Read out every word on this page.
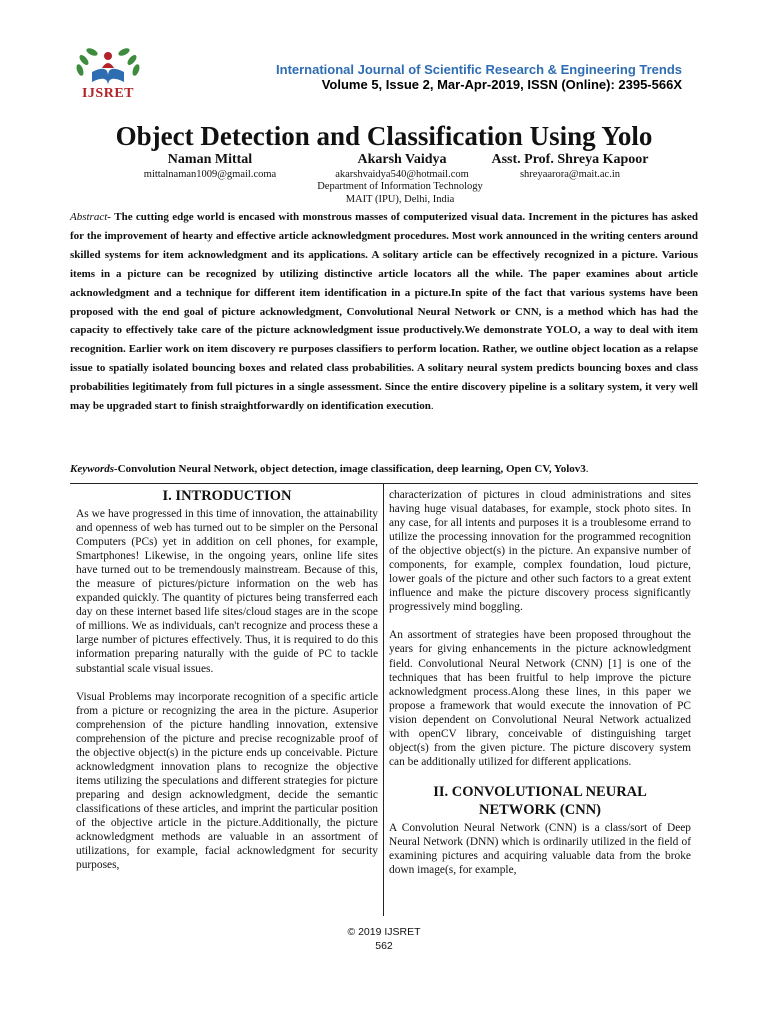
IJSRET
International Journal of Scientific Research & Engineering Trends
Volume 5, Issue 2, Mar-Apr-2019, ISSN (Online): 2395-566X
Object Detection and Classification Using Yolo
Naman Mittal
mittalnaman1009@gmail.coma
Akarsh Vaidya
akarshvaidya540@hotmail.com
Asst. Prof. Shreya Kapoor
shreyaarora@mait.ac.in
Department of Information Technology
MAIT (IPU), Delhi, India
Abstract- The cutting edge world is encased with monstrous masses of computerized visual data. Increment in the pictures has asked for the improvement of hearty and effective article acknowledgment procedures. Most work announced in the writing centers around skilled systems for item acknowledgment and its applications. A solitary article can be effectively recognized in a picture. Various items in a picture can be recognized by utilizing distinctive article locators all the while. The paper examines about article acknowledgment and a technique for different item identification in a picture.In spite of the fact that various systems have been proposed with the end goal of picture acknowledgment, Convolutional Neural Network or CNN, is a method which has had the capacity to effectively take care of the picture acknowledgment issue productively.We demonstrate YOLO, a way to deal with item recognition. Earlier work on item discovery re purposes classifiers to perform location. Rather, we outline object location as a relapse issue to spatially isolated bouncing boxes and related class probabilities. A solitary neural system predicts bouncing boxes and class probabilities legitimately from full pictures in a single assessment. Since the entire discovery pipeline is a solitary system, it very well may be upgraded start to finish straightforwardly on identification execution.
Keywords-Convolution Neural Network, object detection, image classification, deep learning, Open CV, Yolov3.
I. INTRODUCTION

As we have progressed in this time of innovation, the attainability and openness of web has turned out to be simpler on the Personal Computers (PCs) yet in addition on cell phones, for example, Smartphones! Likewise, in the ongoing years, online life sites have turned out to be tremendously mainstream. Because of this, the measure of pictures/picture information on the web has expanded quickly. The quantity of pictures being transferred each day on these internet based life sites/cloud stages are in the scope of millions. We as individuals, can't recognize and process these a large number of pictures effectively. Thus, it is required to do this information preparing naturally with the guide of PC to tackle substantial scale visual issues.

Visual Problems may incorporate recognition of a specific article from a picture or recognizing the area in the picture. Asuperior comprehension of the picture handling innovation, extensive comprehension of the picture and precise recognizable proof of the objective object(s) in the picture ends up conceivable. Picture acknowledgment innovation plans to recognize the objective items utilizing the speculations and different strategies for picture preparing and design acknowledgment, decide the semantic classifications of these articles, and imprint the particular position of the objective article in the picture.Additionally, the picture acknowledgment methods are valuable in an assortment of utilizations, for example, facial acknowledgment for security purposes,

characterization of pictures in cloud administrations and sites having huge visual databases, for example, stock photo sites. In any case, for all intents and purposes it is a troublesome errand to utilize the processing innovation for the programmed recognition of the objective object(s) in the picture. An expansive number of components, for example, complex foundation, loud picture, lower goals of the picture and other such factors to a great extent influence and make the picture discovery process significantly progressively mind boggling.

An assortment of strategies have been proposed throughout the years for giving enhancements in the picture acknowledgment field. Convolutional Neural Network (CNN) [1] is one of the techniques that has been fruitful to help improve the picture acknowledgment process.Along these lines, in this paper we propose a framework that would execute the innovation of PC vision dependent on Convolutional Neural Network actualized with openCV library, conceivable of distinguishing target object(s) from the given picture. The picture discovery system can be additionally utilized for different applications.

II. CONVOLUTIONAL NEURAL
NETWORK (CNN)

A Convolution Neural Network (CNN) is a class/sort of Deep Neural Network (DNN) which is ordinarily utilized in the field of examining pictures and acquiring valuable data from the broke down image(s, for example,

© 2019 IJSRET
562
